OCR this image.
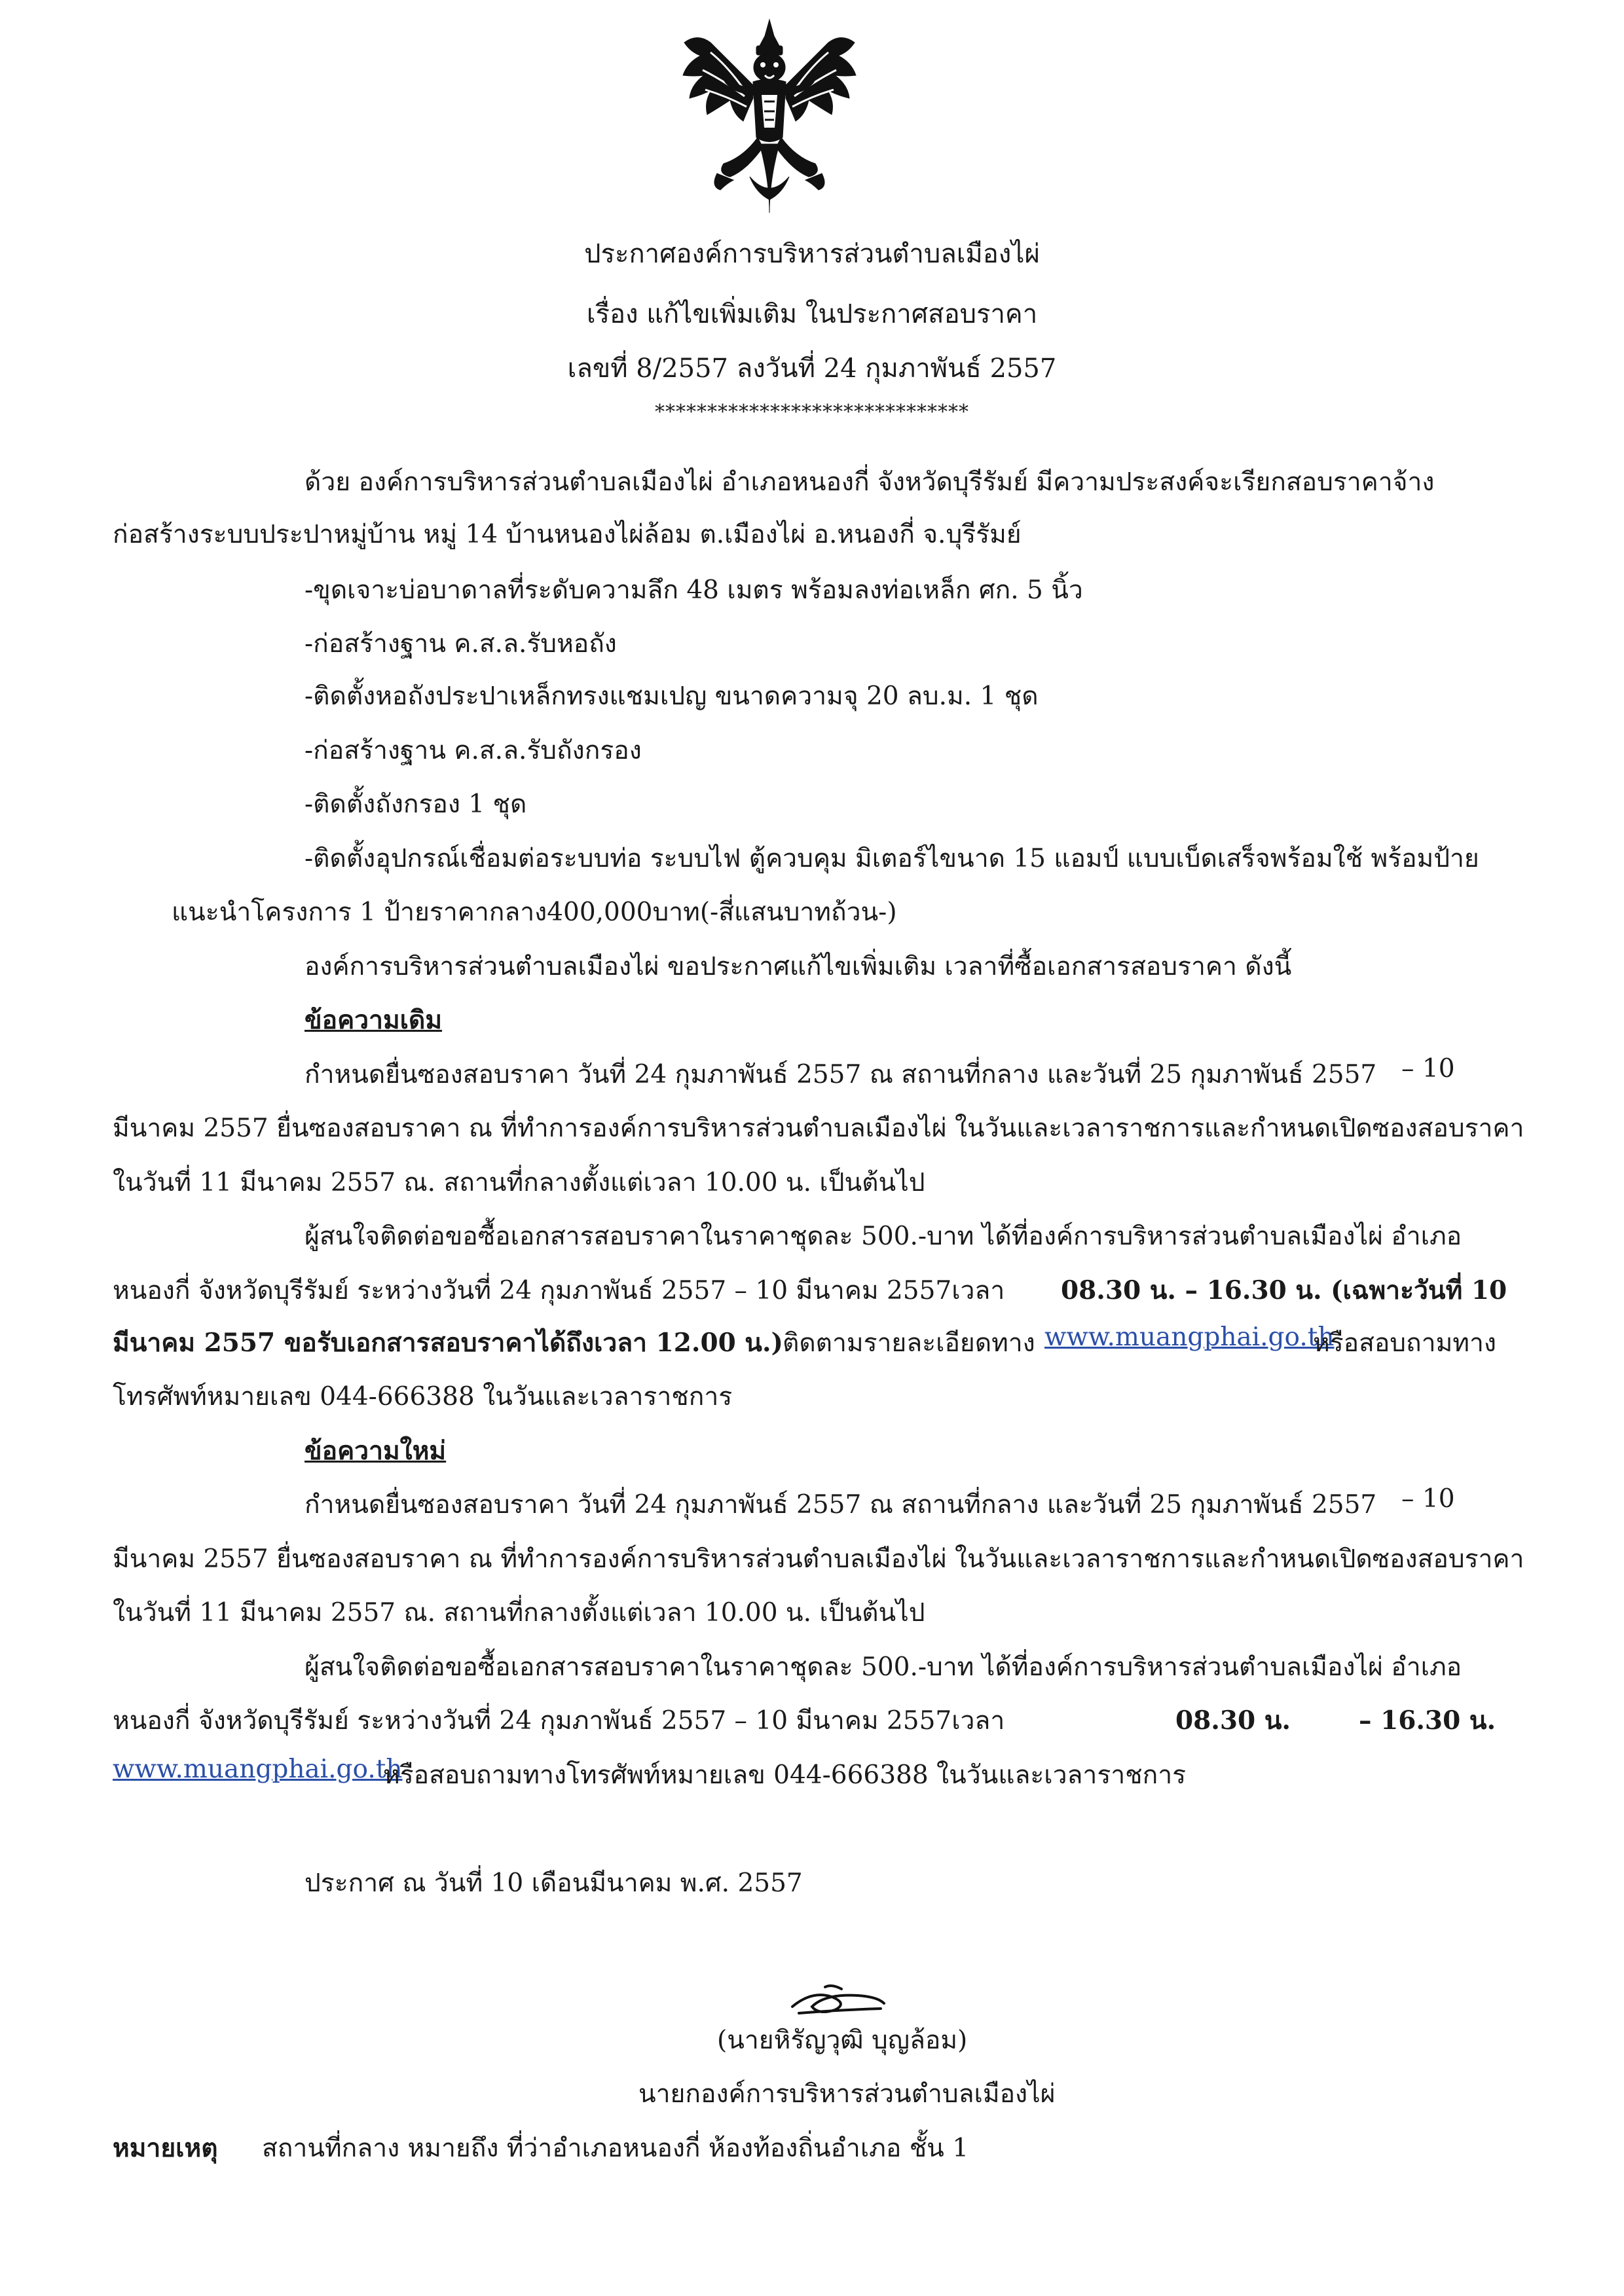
ประกาศองค์การบริหารส่วนตำบลเมืองไผ่
เรื่อง แก้ไขเพิ่มเติม ในประกาศสอบราคา
เลขที่ 8/2557 ลงวันที่ 24 กุมภาพันธ์ 2557
******************************
ด้วย องค์การบริหารส่วนตำบลเมืองไผ่ อำเภอหนองกี่ จังหวัดบุรีรัมย์ มีความประสงค์จะเรียกสอบราคาจ้าง
ก่อสร้างระบบประปาหมู่บ้าน หมู่ 14 บ้านหนองไผ่ล้อม ต.เมืองไผ่ อ.หนองกี่ จ.บุรีรัมย์
-ขุดเจาะบ่อบาดาลที่ระดับความลึก 48 เมตร พร้อมลงท่อเหล็ก ศก. 5 นิ้ว
-ก่อสร้างฐาน ค.ส.ล.รับหอถัง
-ติดตั้งหอถังประปาเหล็กทรงแชมเปญ ขนาดความจุ 20 ลบ.ม. 1 ชุด
-ก่อสร้างฐาน ค.ส.ล.รับถังกรอง
-ติดตั้งถังกรอง 1 ชุด
-ติดตั้งอุปกรณ์เชื่อมต่อระบบท่อ ระบบไฟ ตู้ควบคุม มิเตอร์ไขนาด 15 แอมป์ แบบเบ็ดเสร็จพร้อมใช้ พร้อมป้าย
แนะนำโครงการ 1 ป้ายราคากลาง400,000บาท(-สี่แสนบาทถ้วน-)
องค์การบริหารส่วนตำบลเมืองไผ่ ขอประกาศแก้ไขเพิ่มเติม เวลาที่ซื้อเอกสารสอบราคา ดังนี้
ข้อความเดิม
กำหนดยื่นซองสอบราคา วันที่ 24 กุมภาพันธ์ 2557 ณ สถานที่กลาง และวันที่ 25 กุมภาพันธ์ 2557 – 10
มีนาคม 2557 ยื่นซองสอบราคา ณ ที่ทำการองค์การบริหารส่วนตำบลเมืองไผ่ ในวันและเวลาราชการและกำหนดเปิดซองสอบราคา
ในวันที่ 11 มีนาคม 2557 ณ. สถานที่กลางตั้งแต่เวลา 10.00 น. เป็นต้นไป
ผู้สนใจติดต่อขอซื้อเอกสารสอบราคาในราคาชุดละ 500.-บาท ได้ที่องค์การบริหารส่วนตำบลเมืองไผ่ อำเภอ
หนองกี่ จังหวัดบุรีรัมย์ ระหว่างวันที่ 24 กุมภาพันธ์ 2557 – 10 มีนาคม 2557เวลา 08.30 น. – 16.30 น. (เฉพาะวันที่ 10
มีนาคม 2557 ขอรับเอกสารสอบราคาได้ถึงเวลา 12.00 น.) ติดตามรายละเอียดทาง www.muangphai.go.th
หรือสอบถามทาง
โทรศัพท์หมายเลข 044-666388 ในวันและเวลาราชการ
ข้อความใหม่
กำหนดยื่นซองสอบราคา วันที่ 24 กุมภาพันธ์ 2557 ณ สถานที่กลาง และวันที่ 25 กุมภาพันธ์ 2557 – 10
มีนาคม 2557 ยื่นซองสอบราคา ณ ที่ทำการองค์การบริหารส่วนตำบลเมืองไผ่ ในวันและเวลาราชการและกำหนดเปิดซองสอบราคา
ในวันที่ 11 มีนาคม 2557 ณ. สถานที่กลางตั้งแต่เวลา 10.00 น. เป็นต้นไป
ผู้สนใจติดต่อขอซื้อเอกสารสอบราคาในราคาชุดละ 500.-บาท ได้ที่องค์การบริหารส่วนตำบลเมืองไผ่ อำเภอ
หนองกี่ จังหวัดบุรีรัมย์ ระหว่างวันที่ 24 กุมภาพันธ์ 2557 – 10 มีนาคม 2557เวลา	08.30 น.	– 16.30 น.
www.muangphai.go.th
หรือสอบถามทางโทรศัพท์หมายเลข 044-666388 ในวันและเวลาราชการ
ประกาศ ณ วันที่ 10 เดือนมีนาคม พ.ศ. 2557
(นายหิรัญวุฒิ บุญล้อม)
นายกองค์การบริหารส่วนตำบลเมืองไผ่
หมายเหตุ สถานที่กลาง หมายถึง ที่ว่าอำเภอหนองกี่ ห้องท้องถิ่นอำเภอ ชั้น 1
